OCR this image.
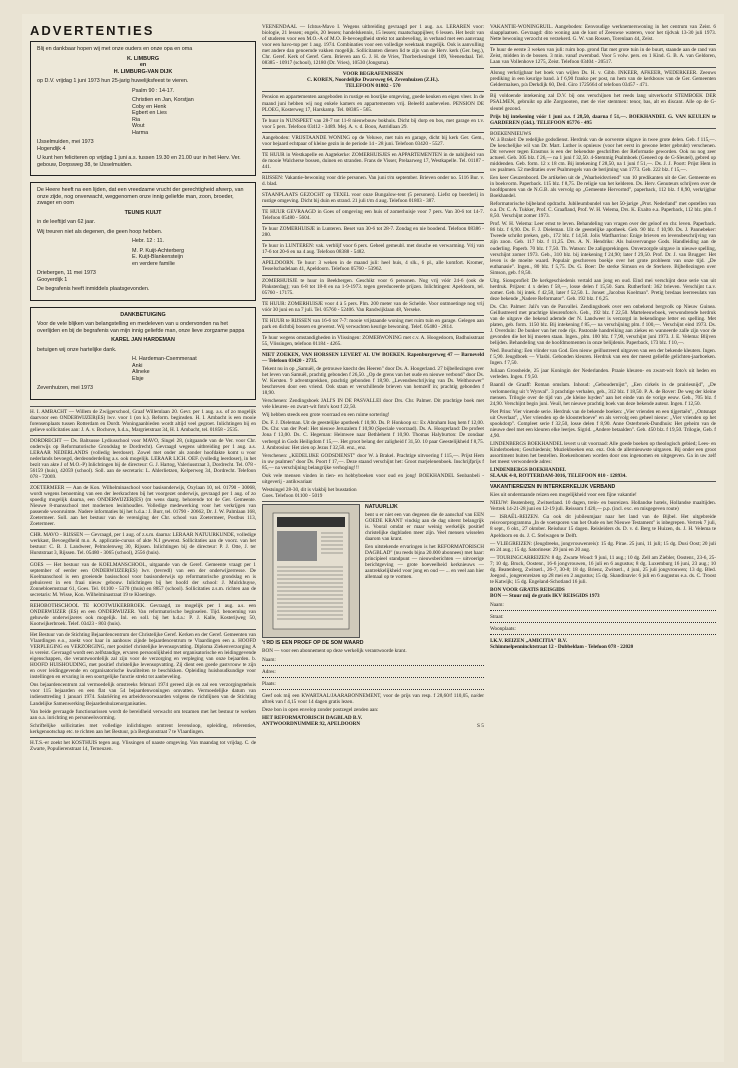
ADVERTENTIES

Blij en dankbaar hopen wij met onze ouders en onze opa en oma

K. LIMBURG
en
H. LIMBURG-VAN DIJK

op D.V. vrijdag 1 juni 1973 hun 25-jarig huwelijksfeest te vieren.

Psalm 90 : 14-17.

Christien en Jan, Korstjan
Coby en Henk
Egbert en Lies
Ria
Wout
Harma

IJsselmuiden, mei 1973
Hogendijk 4

U kunt hen feliciteren op vrijdag 1 juni a.s. tussen 19.30 en 21.00 uur in het Herv. Ver. gebouw, Dorpsweg 38, te IJsselmuiden.

De Heere heeft na een lijden, dat een vreedzame vrucht der gerechtigheid afwerp, van onze zijde, nog onverwacht, weggenomen onze innig geliefde man, zoon, broeder, zwager en oom

TEUNIS KUIJT

in de leeftijd van 62 jaar.

Wij treuren niet als degenen, die geen hoop hebben.

Hebr. 12 : 11.

M. P. Kuijt-Achterberg
E. Kuijt-Blankensteijn
en verdere familie

Driebergen, 11 mei 1973
Gooyerdijk 1

De begrafenis heeft inmiddels plaatsgevonden.

DANKBETUIGING

Voor de vele blijken van belangstelling en medeleven van u ondervonden na het overlijden en bij de begrafenis van mijn innig geliefde man, onze lieve zorgzame pappa

KAREL JAN HARDEMAN

betuigen wij onze hartelijke dank.

H. Hardeman-Csemmeraat
Anki
Alineke
Elsje

Zevenhuizen, mei 1973

H. I. AMBACHT — Willem de Zwijgerschool, Graaf Willemlaan 20. Gevr. per 1 aug. a.s. of zo mogelijk daarvoor een ONDERWIJZER(ES) lwv. voor 1 (on k.). Reform. beginsden. H. I. Ambacht is een mooie forensenplaats tussen Rotterdam en Dordt. Woningaanbieden wordt altijd veel gegroet. Inlichtingen bij en gelieve sollicitaties aan: J. A. v. Bochove, h.d.a., Margrietstraat 34, H. I. Ambacht, tel. 01858 - 2535.

DORDRECHT — Ds. Baltsusse Lydiusschool voor MAVO, Singel 28, (uitgaande van de Ver. voor Chr. onderwijs op Reformatorische Grondslag te Dordrecht). Gevraagd wegens uitbreiding per 1 aug. a.s. LERAAR NEDERLANDS (volledig leerdoser). Zowel met onder als zonder hoofdakte komt u voor nederlands bevoegd, derdeonderdeling a.s. ook mogelijk. LERAAR LICH. OEF. (volledig leerdoser), in het bezit van akte J of M.O.-P) Inlichtingen bij de directeur: G. J. Hartog, Valeriusstraat 3, Dordrecht. Tel. 078 - 56159 (huis), 42059 (school). Soll. aan de secretaris: L. Ahlerlietzen, Kelperweg 34, Dordrecht. Telefoon 078 - 72069.

ZOETERMEER — Aan de Kon. Wilhelminaschool voor basisonderwijs, Oxylaan 10, tel. 01790 - 30068, wordt wegens benoeming van een der leerkrachten bij het voorgezet onderwijs, gevraagd per 1 aug. of zo spoedig mogelijk daarna, een ONDERWIJZER(ES) (m wens daarg. behorende tot de Ger. Gemeente. Nieuwe 8-mansschool met modernen lesinhoudles. Volledige medewerking voor het verkrijgen van passende woonruimte. Nadere informaties bij het h.d.a.: J. Burr, tel. 01790 - 20662, Dr. J. W. Palmlaan 168, Zoetermeer. Soll. aan het bestuur van de vereniging der Chr. school van Zoetermeer, Postbus 113, Zoetermeer.

CHR. MAVO - RIJSSEN — Gevraagd, per 1 aug. of z.s.m. daarna: LERAAR NATUURKUNDE, volledige werkkast, Bevoegdheid m.o. A. applicatie-cursus of akte N.I gewenst. Sollicitaties aan de voorz. van het bestuur: C. B. J. Landweer, Pelmolenweg 30, Rijssen. Inlichtingen bij de directeur: P. J. Otte, J. ter Hurststraat 3, Rijssen. Tel. 05480 - 3065 (school), 2556 (huis).

GOES — Het bestuur van de KOELMANSCHOOL, uitgaande van de Geref. Gemeente vraagt per 1 september of eerder een ONDERWIJZER(ES) lwv. (tevredl) van een der onderwijzerresse. De Koelmanschool is een groeiende basisschool voor basisonderwijs op reformatorische grondslag en is gehuisvest in een fraai nieuw gebouw. Inlichtingen bij het hoofd der school: J. Mulckhuyse, Zonnebloemstraat 61, Goes. Tel. 01100 - 5370 (thuis) en 8857 (school). Sollicitaties z.s.m. richten aan de secretaris: M. Wisse, Kon. Wilhelminastraat 19 te Kloetinge.

REHOBOTHSCHOOL TE KOOTWIJKERBROEK. Gevraagd, zo mogelijk per 1 aug. a.s. een ONDERWIJZER (ES) en een ONDERWIJZER. Van reformatorische beginselen. Tijd. benoeming van gehuwde onderwijzeres ook mogelijk. Inl. en soll. bij het h.d.a.: P. J. Kalle, Kosterijweg 50, Kootwijkerbroek. Telef. 03423 - 803 (huis).

Het Bestuur van de Stichting Bejaardencentrum der Christelijke Geref. Kerken en der Geref. Gemeenten van Vlaardingen e.o., zoekt voor haar in aanbouw zijnde bejaardencentrum te Vlaardingen een a. HOOFD VERPLEGING en VERZORGING, met positief christelijke levensopvatting. Diploma Ziekenverzorging A is vereist. Gevraagd wordt een zelfstandige, ervaren persoonlijkheid met organisatorische en leidinggevende eigenschappen, die verantwoordelijk zal zijn voor de verzorging en verpleging van onze bejaarden. b. HOOFD HUISHOUDING, met positief christelijke levensopvatting. Zij dient een goede gastvrouw te zijn en over leidinggevende en organisatorische kwaliteiten te beschikken. Opleiding huishoudkundige voor instellingen en ervaring in een soortgelijke functie strekt tot aanbeveling.

Ons bejaardencentrum zal vermoedelijk omstreeks februari 1974 gereed zijn en zal een verzorgingstehuis voor 115 bejaarden en een flat van 54 bejaardenwoningen omvatten. Vermoedelijke datum van indiensttreding 1 januari 1974. Salariëring en arbeidsvoorwaarden volgens de richtlijnen van de Stichting Landelijke Samenwerking Bejaardenhuizenorganisaties.

Van beide gevraagde functionarissen wordt de bereidheid verwacht om tezamen met het bestuur te werken aan o.a. inrichting en personeelsvorming.

Schriftelijke sollicitaties met volledige inlichtingen omtrent levensloop, opleiding, referenties, kerkgenootschap etc. te richten aan het Bestuur, p/a Bergkonstraat 7 te Vlaardingen.

H.T.S.-er zoekt het KOSTHUIS tegen aug. Vlissingen of naaste omgeving. Van maandag tot vrijdag. C. de Zwarte, Populierenstraat 14, Terneuzen.

VEENENDAAL — Ichtus-Mavo I. Wegens uitbreiding gevraagd per 1 aug. a.s. LERAREN voor: biologie, 21 lessen; engels, 20 lessen; handelskennis, 15 lessen; maatschappijleer, 6 lessen. Het bezit van of studeren voor een M.O.-A of M.O. B-bevoegdheid strekt tot aanbeveling, in verband met een aanvraag voor een havo-top per 1 aug. 1974. Combinaties voor een volledige weektaak mogelijk. Ook is aanvulling met andere dan genoemde vakken mogelijk. Sollicitanten dienen lid te zijn van de Herv. kerk (Ger. beg.), Chr. Geref. Kerk of Geref. Gem. Brieven aan G. J. H. de Vries, Thorbeckesingel 109, Veenendaal. Tel. 08385 - 10917 (school), 12180 (Dr. Vries), 10530 (Jongsma).

VOOR BEGRAFENISSEN
C. KOREN, Noordelijke Dwarsweg 64, Zevenhuizen (Z.H.).
TELEFOON 01802 - 570

Pension en appartementen aangeboden in rustige en bosrijke omgeving, goede keuken en eigen vleer. In de maand juni hebben wij nog enkele kamers en appartementen vrij. Beleefd aanbevelen. PENSION DE PLOEG, Kosterweg 17, Harskamp. Tel. 08385 - 565.

Te huur in NUNSPEET van 28-7 tot 11-8 nieuwbouw bokhuis. Dicht bij dorp en bos, met garage en t.v. voor 5 pers. Telefoon 03412 - 3489. Mej. A. v. d. Boon, Astridlaan 29.

Aangeboden: VRIJSTAANDE WONING op de Veluwe, met tuin en garage, dicht bij kerk Ger. Gem., voor bejaard echtpaar of kleine gezin in de periode 14 - 28 juni. Telefoon 03420 - 5527.

TE HUUR in Westkapelle en Aagtekerke: ZOMERHUISJES en APPARTEMENTEN in de nabijheid van de mooie Walcherse bossen, duinen en stranden. Frans de Visser, Prelaarweg 17, Westkapelle. Tel. 01187 - 441.

RIJSSEN: Vakantie-bewoning voor drie personen. Van juni t/m september. Brieven onder no. 5116 Bur. v. d. blad.

STAANPLAATS GEZOCHT op TEXEL voor onze Bungalow-tent (5 personen). Liefst op boerderij in rustige omgeving. Dicht bij duin en strand. 21 juli t/m 4 aug. Telefoon 01803 - 387.

TE HUUR GEVRAAGD in Goes of omgeving een huis of zomerhuisje voor 7 pers. Van 30-6 tot 14-7. Telefoon 05480 - 5604.

Te huur ZOMERHUISJE in Lunteren. Beset van 30-6 tot 28-7. Zondag en nie boodend. Telefoon 08386 - 280.

Te huur in LUNTEREN: vak. verblijf voor 6 pers. Geheel gemeubl. met douche en verwarming. Vrij van 17-6 tot 20-6 en na 4 aug. Telefoon 08388 - 5482.

APELDOORN. Te huur: 3 weken in de maand juli: heel huis, 4 slk., 6 pl., alle komfort. Kromer, Tesselschadelaan 41, Apeldoorn. Telefoon 05760 - 53962.

ZOMERHUISJE te huur in Beekbergen. Geschikt voor 6 personen. Nog vrij vóór 24-6 (ook de Pinksterdag); van 6-8 tot 18-8 en na 1-9-1973. tegen gereduceerde prijzen. Inlichtingen: Apeldoorn, tel. 05760 - 17175.

TE HUUR: ZOMERHUISJE voor 4 à 5 pers. Plm. 200 meter van de Schelde. Voor ontmoetinge nog vrij vóór 30 juni en na 7 juli. Tel. 05760 - 52406. Van Randwijklaan 48, Yerseke.

TE HUUR te RIJSSEN van 16-6 tot 7-7: mooie vrijstaande woning met ruim tuin en garage. Gelegen aan park en dichtbij bossen en gewenst. Wij verwachten keurige bewoning. Telef. 05480 - 2814.

Te huur wegens omstandigheden in Vlissingen: ZOMERWONING met c.v. A. Hoogedoorn, Badhuisstraat 55, Vlissingen, telefoon 01184 - 4265.

NIET ZOEKEN, VAN HORSSEN LEVERT AL UW BOEKEN. Rapenburgerweg 47 — Barneveld — Telefoon 03420 - 2735.

Tekent nu in op „Samuël, de getrouwe knecht des Heeren" door Ds. A. Hoogerland. 27 bijbellezingen over het leven van Samuël, prachtig gebonden f 26,50. „Op de grens van het oude en nieuwe verbond" door Ds. W. Kersten. 9 adventsprekken, prachtig gebonden f 18,90. „Levensbeschrijving van Ds. Welthouwer" beschreven door een vriend. Ook staan er verschillende brieven van hemzelf in; prachtig gebonden f 18,90.

Verschenen: Zendingsboek JALI'S IN DE PASVALLEI door Drs. Chr. Palmer. Dit prachtige boek met vele kleuren- en zwart-wit foto's kost f 22,50.

Wij hebben steeds een grote voorraad en een ruime sortering!

Ds. F. J. Dieleman. Uit de geestelijke apotheek f 10,90. Ds. P. Honkoop sr.: Ex Abraham Isaq hem f 12,00. Ds. Chr. van der Poel: Het nieuwe Jeruzalem f 10,90 (Speciale voorraad). Ds. A. Hoogerland: De profeet Jona f 13,00. Ds. C. Hegeman: Heimwee naar Bethlehem f 10,90. Thomas Halyburton: De zondaar verbergd in Gods Heiligdom f 15,—. Het groot belang der zaligheid f 31,50. 10 paar Geestelijkheid f 8,75. J. Ambrosius: Het zien op Jezus f 32,50. enz., enz.

Verschenen: „KEDELIJKE GODSDIENST" door W. à Brakel. Prachtige uitvoering f 115,—. Prijst Hem in uw psalmen" door Ds. Poort f 17,—. Deze staand verschijnt het: Groot marjelenenboek. Inschrijfprijs f 85,— na verschijning belangrijke verhoging!!!

Ook vele mensen vinden in tien- en hobbyboeken voor oud en jong! BOEKHANDEL Senbanbeli - uitgeverij - antikwariaat

Westsingel 28-30, dit is vlakbij het busstation
Goes. Telefoon 01100 - 5019

NATUURLIJK

bent u er niet een van degenen die de aanschaf van EEN GOEDE KRANT vindsig aan de dag uiterst belangrijk is. Vooral omdat er maar weinig werkelijk positief christelijke dagbladen meer zijn. Veel mensen wisselen daarom van krant.

Een uitstekende ervaringen is het REFORMATORISCH DAGBLAD" (nu reeds bijna 20.000 abonnees) met haar: principieel standpunt — nieuwsberichten — uitvoerige berichtgeving — grote hoeveelheid kerknieuws — aantrekkelijkheid voor jong en oud — ... en veel aan hier allemaal op te vormen.

't RD IS EEN PROEF OP DE SOM WAARD

BON — voor een abonnement op deze werkelijk verantwoorde krant.

Naam:
Adres:
Plaats:

Geef ook mij een KWARTAAL/JAARABONNEMENT, voor de prijs van resp. f 28,60/f 110,05, na/der aftrek van f 4,15 voor 14 dagen gratis lezen.

Deze bon in open envelop zonder postzegel zenden aan:

HET REFORMATORISCH DAGBLAD B.V.
ANTWOORDNUMMER 92, APELDOORN	S 5

VAKANTIE-WONINGRUIL. Aangeboden: Eenvoudige werknemerswoning in het centrum van Zeist. 6 slaapplaatsen. Gevraagd: dito woning aan de kust of Zeeuwse wateren, voor het tijdvak 13-30 juli 1973. Nette bewoning verzocht en verzekerd. G. W. van Rossen, Torenlaan 44, Zeist.

Te huur de eerste 3 weken van juli: ruim bop. grond flat met grote tuin in de buurt, staande aan de rand van Zeist, midden in de bossen. 3 min. vanaf zwembad. Voor 5 volw. pers. en 1 Kind. G. B. A. van Geldoren, Laan van Vollenhove 1275, Zeist. Telefoon 03404 - 20517.

Alsnog verkrijgbaar het boek van wijlen Ds. H. v. Gibb. INKEER, AFKEER, WEDERKEER. Zeeuws prediking in een keurige band. à f 6,90 franko per post, nn hem van de kerkbouw van de Ger. Gemeenten Geldermalsen, p/a Derkdijk 60, Deil. Giro 1725664 of telefoon 03457 - 471.

Bij voldoende intekening zal D.V. bij ons verschijnen het reeds lang uitverkocht STEMBOEK DER PSALMEN, gebruikt op alle Zorgnooten, met de vier stemmen: tenor, bas, alt en discant. Alle op de G-sleutel gezond.

Prijs bij intekening vóór 1 juni a.s. f 28,50, daarna f 51,—. BOEKHANDEL G. VAN KEULEN te GARDEREN (Gld.). TELEFOON 05776 - 495

BOEKENNIEUWS
W. à Brakel: De redelijke godsdienst. Herdruk van de oorverste uitgave in twee grote delen. Geb. f 115,—. De kenchelijke wil van Dr. Mart. Luther is opnieuw (voor het eerst in gewone letter gebrukt) verschenen. Dit verweer tegen Erasmus is een der bekendste geschriften der Reformatie geworden. Ook nu nog zeer actueel. Geb. 305 blz. f 26,— na 1 juni f 32,50. 4-Stemmig Psalmboek (Geneed op de G-Sleutel), gebred op middenden. Geb. form. 12 x 18 cm. Bij intekening f 28,50, na 1 juni f 51,—. Ds. J. J. Poort: Prijst Hem in uw psalmen. 52 meditaties over Psalmregels van de berijming van 1773. Geb. 222 blz. f 15,—.

Een keer Geuzenboord. De artikelen uit de „Waarheidsvriend" van 10 predikanten uit de Ger. Gemeente en in boekvorm. Paperback. 115 blz. f 8,75. De religie van het kelderen. Ds. Herv. Genuteurs schrijven over de hoofdpunten van de N.G.B. als vervolg op „Gemeente Hervormd", paperback, 112 blz. f 8,90, verkrijgbar Boekhandel.

Reformatorische bijbeland opdracht. Jubileumbundel van het 50-jarige „Prot. Nederland" met opstellen van o.a. Dr. C. A. Tukker, Prof. C. Graafland, Prof. W. H. Velema, Drs. K. Exalto e.a. Paperback, 112 blz. plm. f 8,50. Verschijnt zomer 1973.

Prof. W. H. Velema: Leer ernst te leven. Behandeling van vragen over der geloof en chr. leven. Paperback. 86 blz. f 6,90. Ds. F. J. Dieleman. Uit de geestelijke apotheek. Geb. 90 blz. f 10,90. Ds. J. Pannebeker: Tweede schrikt preken, geb., 172 blz. f 14,50. Jolis Watfharrino: Enige brieven en levensbeschrijving van zijn zoon. Geb. 117 blz. f 11,25. Drs. A. N. Hendriks: Als huisvervangse Gods. Handleiding aan de ouderling. Paperb. 70 blz. f 7,50. Th. Watson: De zaligsprekingen. Onverzorgde uitgave in nieuwe spelling, verschijnt zomer 1973. Geb., 310 blz. bij intekening f 24,90; later f 29,50. Prof. Dr. J. van Brugger: Het leven is de moeite waard. Populair geschreven boekje over het grote probleem van onze tijd. „De euthanasie". Ingen., 80 blz. f 5,75. Ds. G. Boer: De sterke Simson en de Sterkere. Bijbellezingen over Simson, geb. f 8,50.

Uitg. Sionsprofiel: De kerkgeschiedenis vertald aan jong en oud. Eind mei verschijnt deze serie van uit herdruk. Prijzen: 4 x delen f 58,—, losse delen f 15,50. Sam. Rutherford: 362 brieven. Verschijnt t.a.v. zomer. Geb. bij intek. f 42,50, later f 52,50. L. Jonset „Jacobus Koelman". Pretig bredaas leerreeulats van deze bekende „Nadere Reformator". Geb. 192 blz. f 6,25.

Ds. Chr. Palmer: Jali's van de Pasvallei. Zendingsboek over een onbekend bergvolk op Nieuw Guinea. Geillustreerd met prachtige kleurenfoto's. Geb., 192 blz. f 22,50. Marteleeuwboek, verwondrende herdruk van de uitgave die bekend ademde der N. Landweer is verzorgd in bekendingse letter en spelling. Met platen, geb. form. 1150 blz. Bij intekening f 85,— na verschijning plm. f 100,—. Verschijnt eind 1973. Ds. J. Overduin: De bunker van het rode rijs. Pastorale handreiking aan ziekes en wanneerde zalle zijn voor de gevonden die het bij moeten staan. Ingen., plm. 100 blz. f 7,90, verschijnt juni 1973. J. E. Velema: Blijven belijden. Behandeling van de hoofdmomenten in onze belijdenis. Paperback, 173 blz. f 10,—.

Ned. Bouching: Een vlinder van God. Een nieuw geillustreerd uitgaven van een der bekende kleuters. Ingen. f 5,90. Jeugdboek — Vlasbi. Gebonden kleuren. Herdruk van een der meest geliefde gelichten-jaarboeken. Ingen. f 7,50.

Juliaan Grossheide, 25 jaar Koningin der Nederlanden. Praaie kleuren- en zwart-wit foto's uit heden en verleden. Ingen. f 9,50.

Baantil de Graaff: Roman omslam. Inhoud: „Geboudernijst", „Een cirkels in de prairiesnijd", „De verlomnering uit 't Wynval". 3 prachtige verhalen, geb., 312 blz. f 18,50. P. A. de Rover: De weg der kleine mensen. Trilogie over de tijd van „de kleine luyden" aan het einde van de vorige eeuw. Geb., 705 blz. f 24,90. Verschijnt begin juni. Veuil, het nieuwe prachtig boek van deze bekende auteur. Ingen. f 12,50.

Piet Prins: Vier vinende serie. Herdruk van de bekende boeken: „Vier vrienden en een tijgertaën", „Ontsnapt uit Overlaat", „Vier vrienden op de kloosterhoeve" en als vervolg een geheel nieuw: „Vier vrienden op het spookdorp". Compleet serie f 32,50, losse delen f 8,90. Anne Osterbroek-Dundhuis: Het geheim van de nieuwe deel met een kleuren elke leerjes. Sigrid. „Andere betaalden". Geb. 450 blz. f 19,50. Trilogie, Geb. f 4,90.

LINDENBERGS BOEKHANDEL levert u uit voorraad: Alle goede boeken op theologisch gebied; Lees- en Kinderboeken; Geschiedenis; Muziekboeken enz. enz. Ook de allernieuwste uitgaven. Bij onder een groot assortiment buiten het bestellen. Boekenbonnen worden door ons ingenomen en uitgegeven. Ga in uw zelf het meest verwonderde adres:

LINDENBERGS BOEKHANDEL
SLAAK 4-8, ROTTERDAM-3016, TELEFOON 010 - 128934.

VAKANTIEREIZEN IN INTERKERKELIJK VERBAND

Kies uit onderstaande reizen een mogelijkheid voor een fijne vakantie!

NIEUW: Beatenberg, Zwitserland. 10 dagen, trein- en busreizen. Hollandse hotels, Hollandse maaltijden. Vertrek 14-21-28 juni en 12-19 juli. Reissom f 420,— p.p. (incl. exc. en misgegeven route)

— ISRAËL-REIZEN. Ga ook dit jubileumjaar naar het land van de Bijbel. Het uitgebreide reisvoorprogramma „In de voetsporen van het Oude en het Nieuwe Testament" is inbegrepen. Vertrek 7 juli, 8 sept., 6 okt., 27 oktober. Reisduur 15 dagen. Reisleiders ds. D. v. d. Berg te Huizen, ds. J. H. Velema te Apeldoorn en ds. J. C. Stelwagen te Delft.

— VLIEGREIZEN: (Jeugdreeks, jongvrouwenreis): 15 dg. Pirae. 25 juni, 11 juli; 15 dg. Dusi Oost; 20 juli en 24 aug.; 15 dg. Satorinese: 29 juni en 20 aug.

— TOURINGCARREIZEN: 8 dg. Zwarte Woud: 9 juni, 11 aug.; 10 dg. Zell am Ziebler, Oostenr., 23-6, 25-7; 10 dg. Bruck, Oostenr., 16-6 jongvrouwen, 16 juli en 6 augustus; 8 dg. Luxemburg 16 juni, 23 aug.; 10 dg. Beatenberg, Zwitserl., 26-7, 30-8; 18 dg. Brienz, Zwitserl., 4 juni, 25 juli jongvrouwen; 13 dg. Bled. Joegosl., jongerenreizen op 28 mei en 2 augustus; 15 dg. Skandinavie: 6 juli en 6 augustus e.a. ds. C. Troost te Katwijk; 15 dg. Engeland-Schotland 16 juli.

BON VOOR GRATIS REISGIDS
BON — Stuur mij de gratis IKV REISGIDS 1973

Naam:
Straat:
Woonplaats:

I.K.V. REIZEN „AMICITIA" B.V.
Schimmelpennincktstraat 12 - Dubbeldam - Telefoon 078 - 22020
